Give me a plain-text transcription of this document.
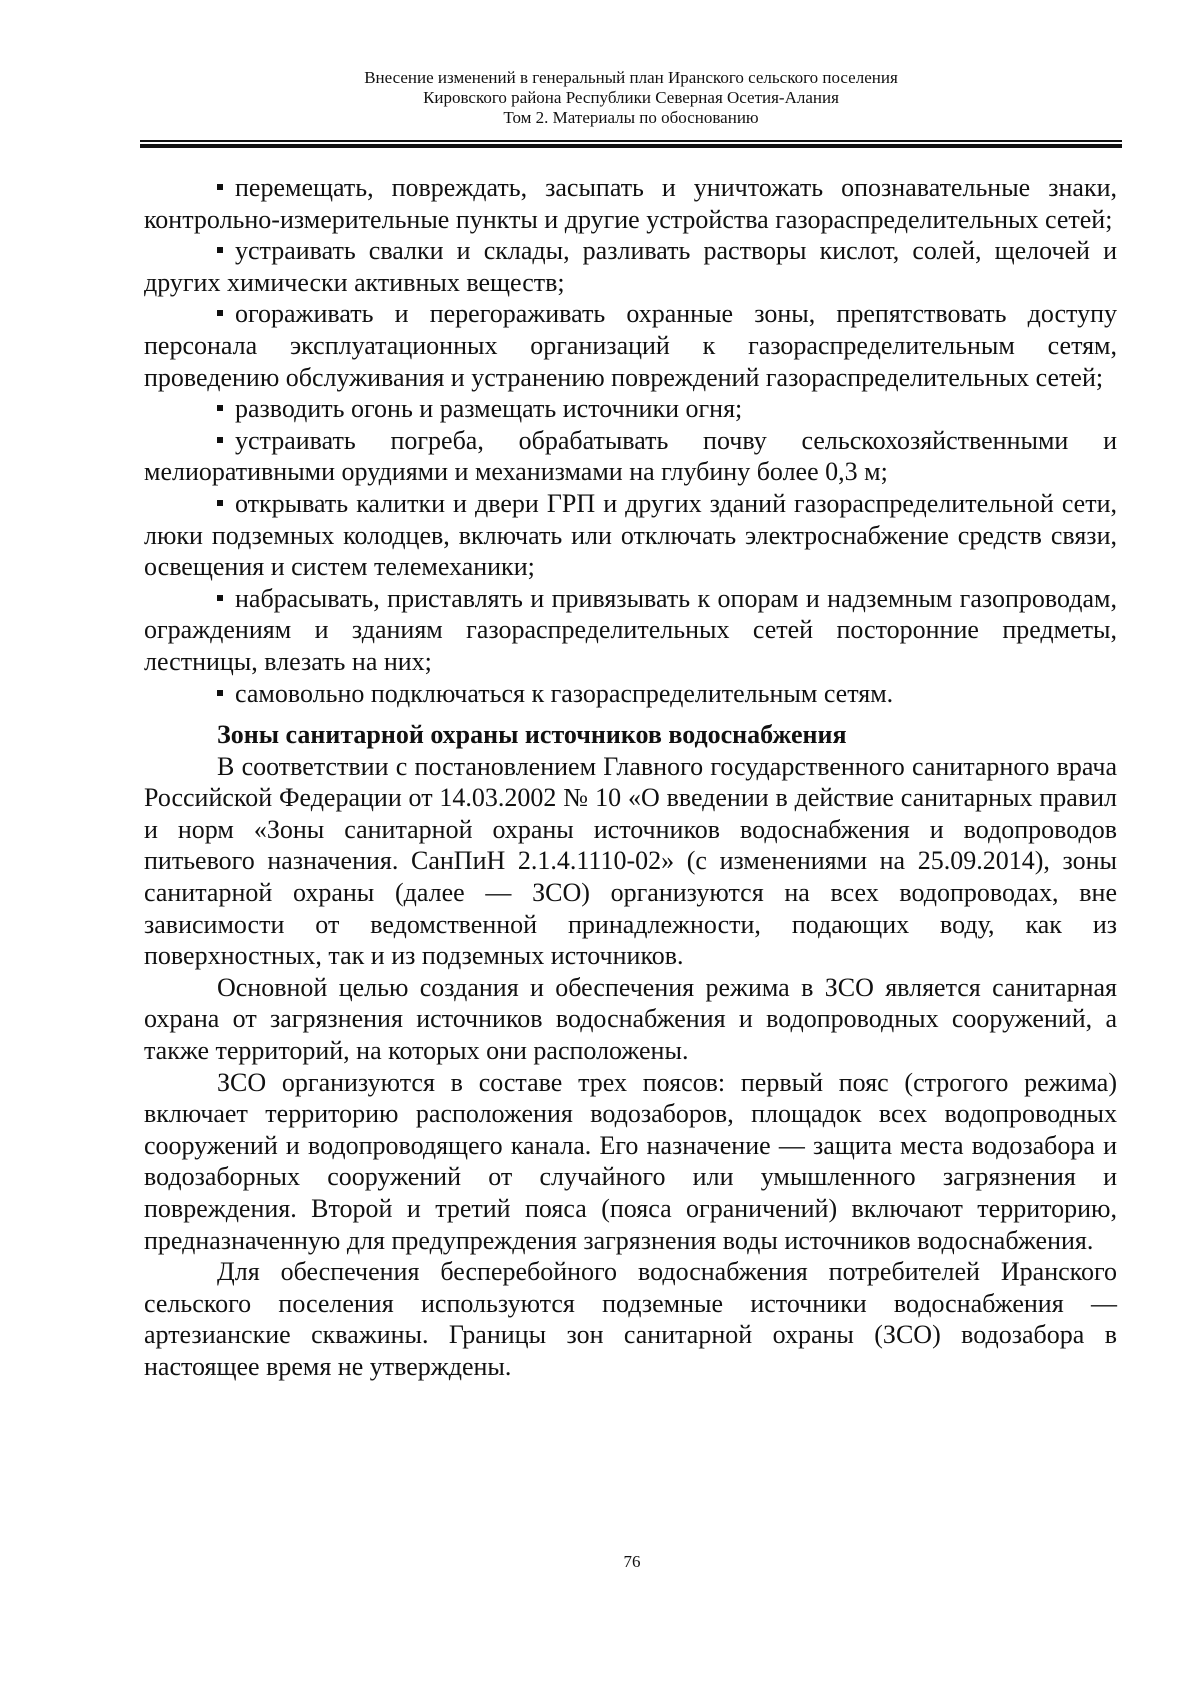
Внесение изменений в генеральный план Иранского сельского поселения
Кировского района Республики Северная Осетия-Алания
Том 2. Материалы по обоснованию

перемещать, повреждать, засыпать и уничтожать опознавательные знаки, контрольно-измерительные пункты и другие устройства газораспределительных сетей;

устраивать свалки и склады, разливать растворы кислот, солей, щелочей и других химически активных веществ;

огораживать и перегораживать охранные зоны, препятствовать доступу персонала эксплуатационных организаций к газораспределительным сетям, проведению обслуживания и устранению повреждений газораспределительных сетей;

разводить огонь и размещать источники огня;

устраивать погреба, обрабатывать почву сельскохозяйственными и мелиоративными орудиями и механизмами на глубину более 0,3 м;

открывать калитки и двери ГРП и других зданий газораспределительной сети, люки подземных колодцев, включать или отключать электроснабжение средств связи, освещения и систем телемеханики;

набрасывать, приставлять и привязывать к опорам и надземным газопроводам, ограждениям и зданиям газораспределительных сетей посторонние предметы, лестницы, влезать на них;

самовольно подключаться к газораспределительным сетям.

Зоны санитарной охраны источников водоснабжения

В соответствии с постановлением Главного государственного санитарного врача Российской Федерации от 14.03.2002 № 10 «О введении в действие санитарных правил и норм «Зоны санитарной охраны источников водоснабжения и водопроводов питьевого назначения. СанПиН 2.1.4.1110-02» (с изменениями на 25.09.2014), зоны санитарной охраны (далее — ЗСО) организуются на всех водопроводах, вне зависимости от ведомственной принадлежности, подающих воду, как из поверхностных, так и из подземных источников.

Основной целью создания и обеспечения режима в ЗСО является санитарная охрана от загрязнения источников водоснабжения и водопроводных сооружений, а также территорий, на которых они расположены.

ЗСО организуются в составе трех поясов: первый пояс (строгого режима) включает территорию расположения водозаборов, площадок всех водопроводных сооружений и водопроводящего канала. Его назначение — защита места водозабора и водозаборных сооружений от случайного или умышленного загрязнения и повреждения. Второй и третий пояса (пояса ограничений) включают территорию, предназначенную для предупреждения загрязнения воды источников водоснабжения.

Для обеспечения бесперебойного водоснабжения потребителей Иранского сельского поселения используются подземные источники водоснабжения — артезианские скважины. Границы зон санитарной охраны (ЗСО) водозабора в настоящее время не утверждены.

76
